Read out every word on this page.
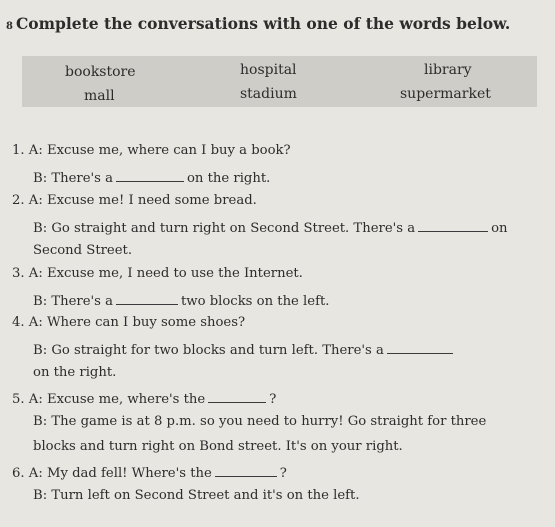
8 Complete the conversations with one of the words below.
bookstore	hospital	library
mall	stadium	supermarket
1. A: Excuse me, where can I buy a book?
B: There's a	on the right.
2. A: Excuse me! I need some bread.
B: Go straight and turn right on Second Street. There's a	on
Second Street.
3. A: Excuse me, I need to use the Internet.
B: There's a	two blocks on the left.
4. A: Where can I buy some shoes?
B: Go straight for two blocks and turn left. There's a
on the right.
5. A: Excuse me, where's the	?
B: The game is at 8 p.m. so you need to hurry! Go straight for three
blocks and turn right on Bond street. It's on your right.
6. A: My dad fell! Where's the	?
B: Turn left on Second Street and it's on the left.
